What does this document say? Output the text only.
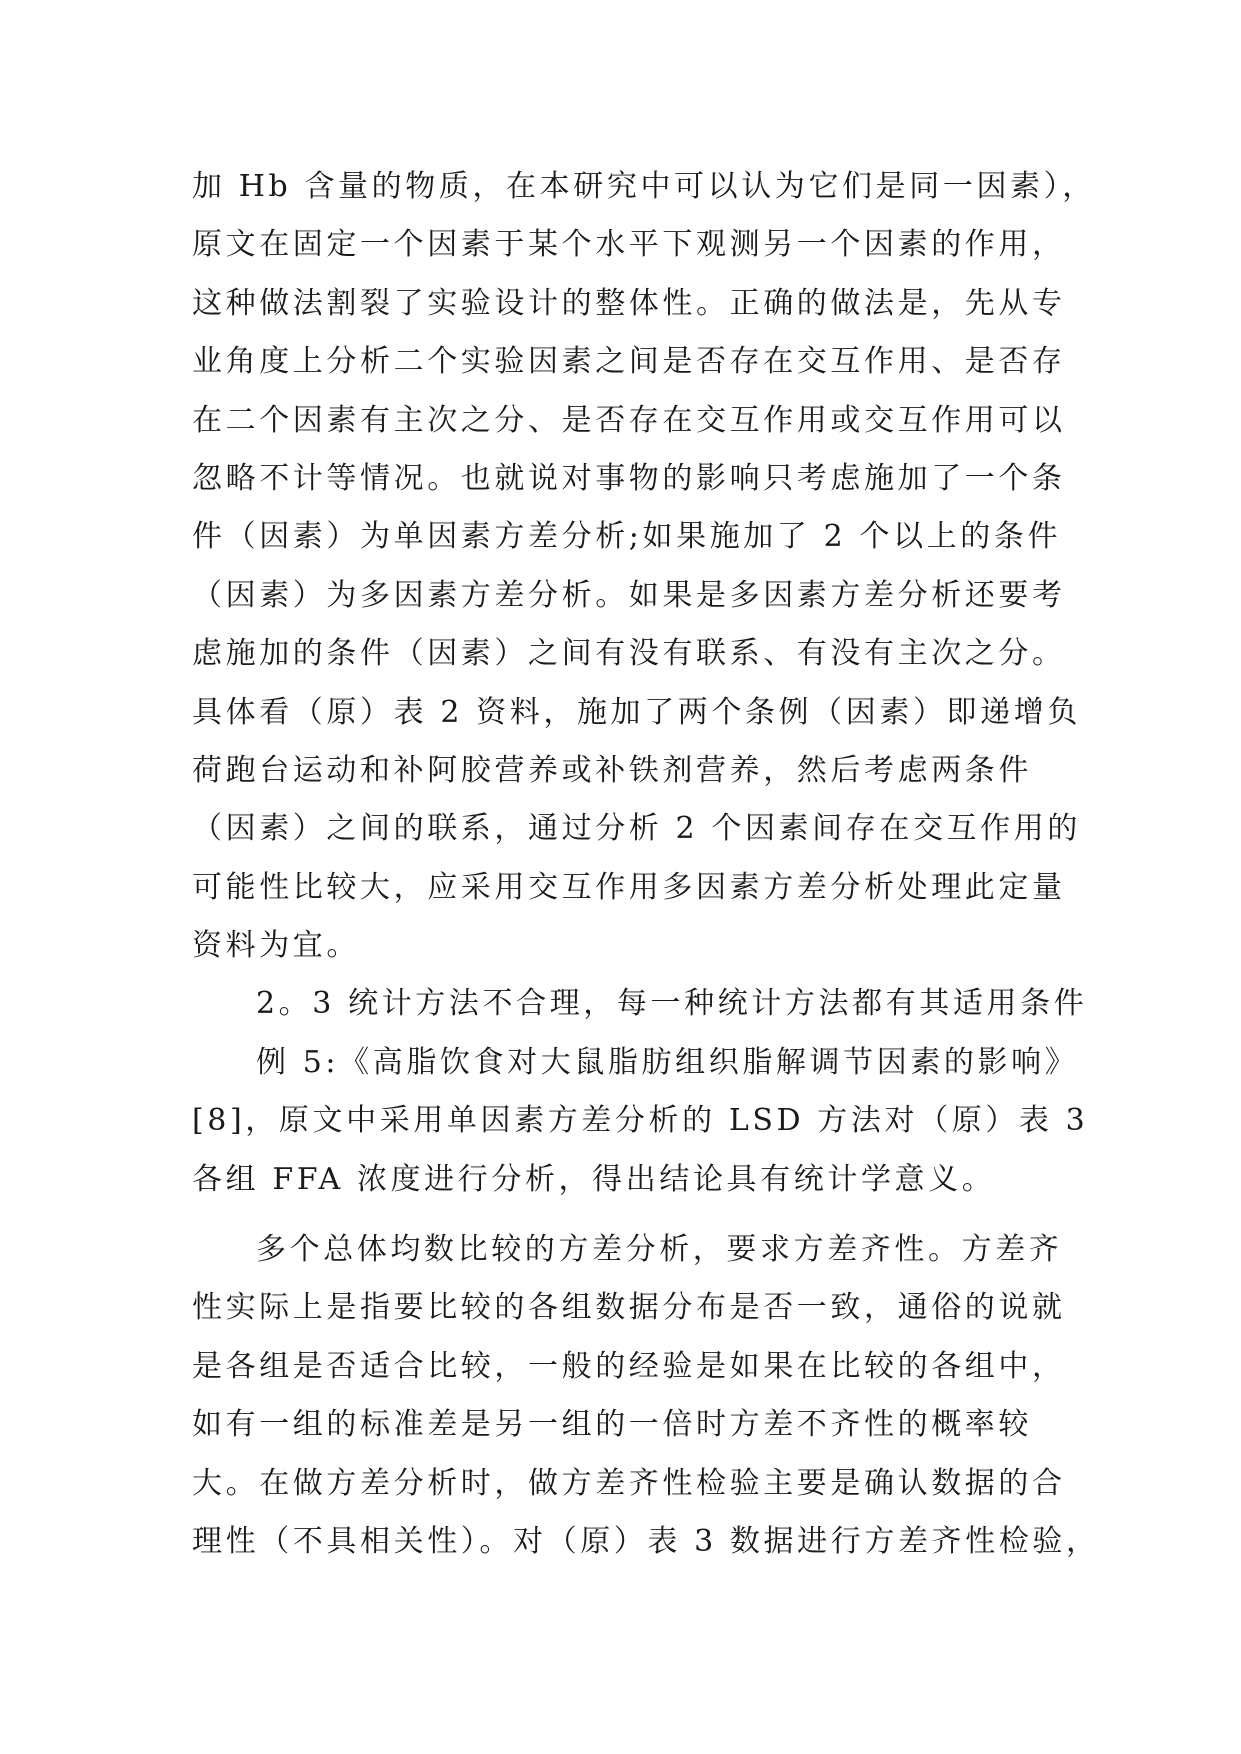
加 Hb 含量的物质，在本研究中可以认为它们是同一因素），
原文在固定一个因素于某个水平下观测另一个因素的作用，
这种做法割裂了实验设计的整体性。正确的做法是，先从专
业角度上分析二个实验因素之间是否存在交互作用、是否存
在二个因素有主次之分、是否存在交互作用或交互作用可以
忽略不计等情况。也就说对事物的影响只考虑施加了一个条
件（因素）为单因素方差分析;如果施加了 2 个以上的条件
（因素）为多因素方差分析。如果是多因素方差分析还要考
虑施加的条件（因素）之间有没有联系、有没有主次之分。
具体看（原）表 2 资料，施加了两个条例（因素）即递增负
荷跑台运动和补阿胶营养或补铁剂营养，然后考虑两条件
（因素）之间的联系，通过分析 2 个因素间存在交互作用的
可能性比较大，应采用交互作用多因素方差分析处理此定量
资料为宜。
2。3 统计方法不合理，每一种统计方法都有其适用条件
例 5:《高脂饮食对大鼠脂肪组织脂解调节因素的影响》
[8]，原文中采用单因素方差分析的 LSD 方法对（原）表 3
各组 FFA 浓度进行分析，得出结论具有统计学意义。
多个总体均数比较的方差分析，要求方差齐性。方差齐
性实际上是指要比较的各组数据分布是否一致，通俗的说就
是各组是否适合比较，一般的经验是如果在比较的各组中，
如有一组的标准差是另一组的一倍时方差不齐性的概率较
大。在做方差分析时，做方差齐性检验主要是确认数据的合
理性（不具相关性）。对（原）表 3 数据进行方差齐性检验，
